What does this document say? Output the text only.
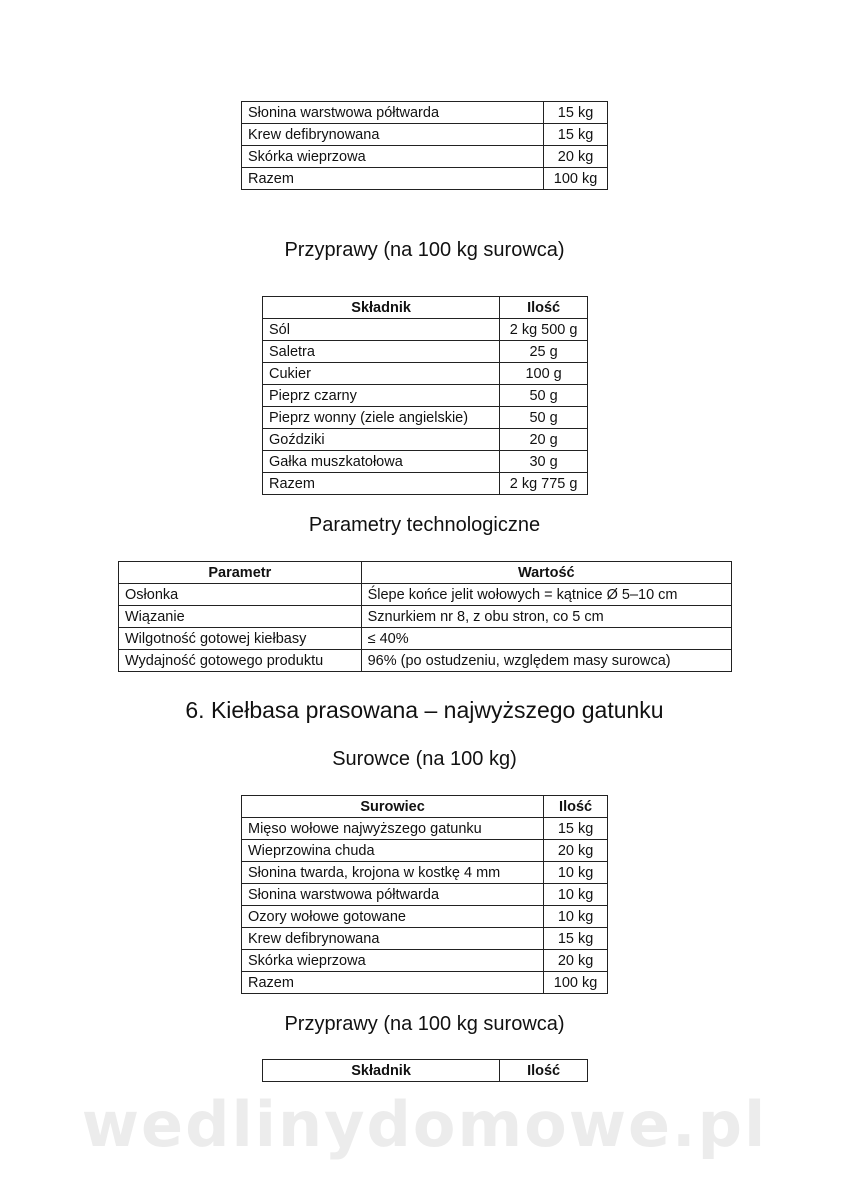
Słonina warstwowa półtwarda	15 kg
Krew defibrynowana	15 kg
Skórka wieprzowa	20 kg
Razem	100 kg
Przyprawy (na 100 kg surowca)
Składnik	Ilość
Sól	2 kg 500 g
Saletra	25 g
Cukier	100 g
Pieprz czarny	50 g
Pieprz wonny (ziele angielskie)	50 g
Goździki	20 g
Gałka muszkatołowa	30 g
Razem	2 kg 775 g
Parametry technologiczne
Parametr	Wartość
Osłonka	Ślepe końce jelit wołowych = kątnice Ø 5–10 cm
Wiązanie	Sznurkiem nr 8, z obu stron, co 5 cm
Wilgotność gotowej kiełbasy	≤ 40%
Wydajność gotowego produktu	96% (po ostudzeniu, względem masy surowca)
6. Kiełbasa prasowana – najwyższego gatunku
Surowce (na 100 kg)
Surowiec	Ilość
Mięso wołowe najwyższego gatunku	15 kg
Wieprzowina chuda	20 kg
Słonina twarda, krojona w kostkę 4 mm	10 kg
Słonina warstwowa półtwarda	10 kg
Ozory wołowe gotowane	10 kg
Krew defibrynowana	15 kg
Skórka wieprzowa	20 kg
Razem	100 kg
Przyprawy (na 100 kg surowca)
Składnik	Ilość
wedlinydomowe.pl
